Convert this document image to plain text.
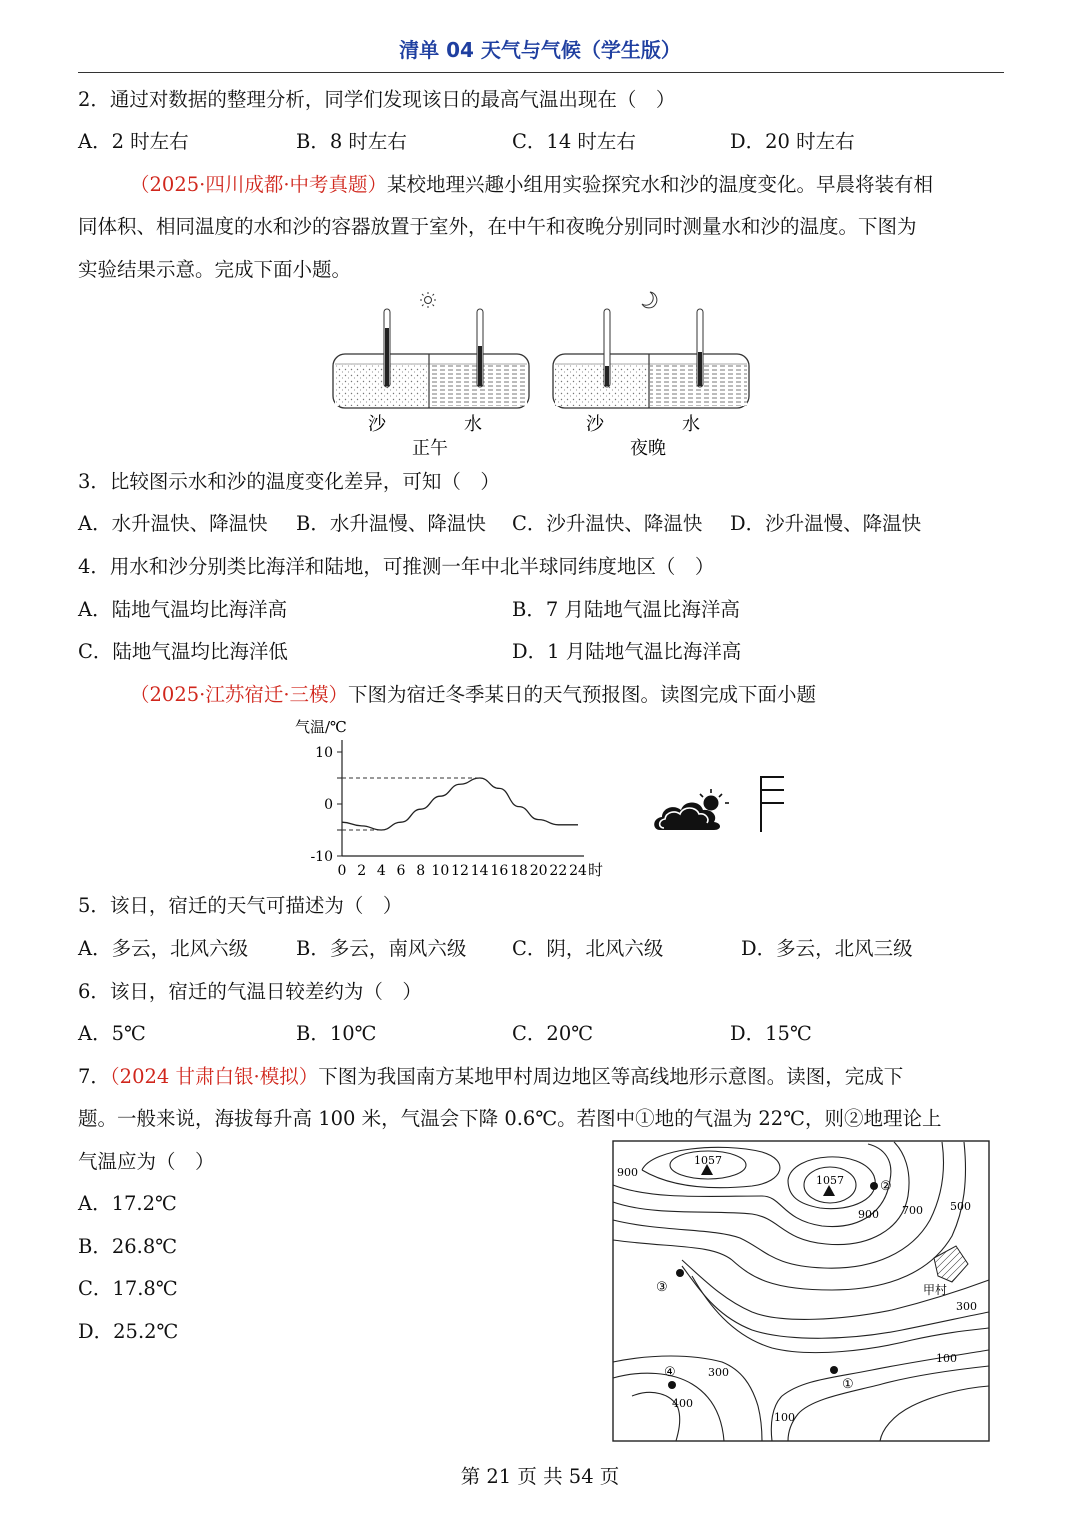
清单 04 天气与气候（学生版）
2．通过对数据的整理分析，同学们发现该日的最高气温出现在（　）
A．2 时左右	B．8 时左右	C．14 时左右	D．20 时左右
（2025·四川成都·中考真题）某校地理兴趣小组用实验探究水和沙的温度变化。早晨将装有相
同体积、相同温度的水和沙的容器放置于室外，在中午和夜晚分别同时测量水和沙的温度。下图为
实验结果示意。完成下面小题。
沙	水
正午
沙	水
夜晚
3．比较图示水和沙的温度变化差异，可知（　）
A．水升温快、降温快 B．水升温慢、降温快 C．沙升温快、降温快 D．沙升温慢、降温快
4．用水和沙分别类比海洋和陆地，可推测一年中北半球同纬度地区（　）
A．陆地气温均比海洋高	B．7 月陆地气温比海洋高
C．陆地气温均比海洋低	D．1 月陆地气温比海洋高
（2025·江苏宿迁·三模）下图为宿迁冬季某日的天气预报图。读图完成下面小题
气温/℃
10
0
-10
0 2 4 6 8 10 12 14 16 18 20 22 24 时
5．该日，宿迁的天气可描述为（　）
A．多云，北风六级 B．多云，南风六级 C．阴，北风六级	D．多云，北风三级
6．该日，宿迁的气温日较差约为（　）
A．5℃	B．10℃	C．20℃	D．15℃
7．（2024 甘肃白银·模拟）下图为我国南方某地甲村周边地区等高线地形示意图。读图，完成下
题。一般来说，海拔每升高 100 米，气温会下降 0.6℃。若图中①地的气温为 22℃，则②地理论上
气温应为（　）
A．17.2℃
B．26.8℃
C．17.8℃
D．25.2℃
1057
1057
900
900 700 500
300
300
100
100
400
甲村
②
③
④
①
第 21 页 共 54 页
